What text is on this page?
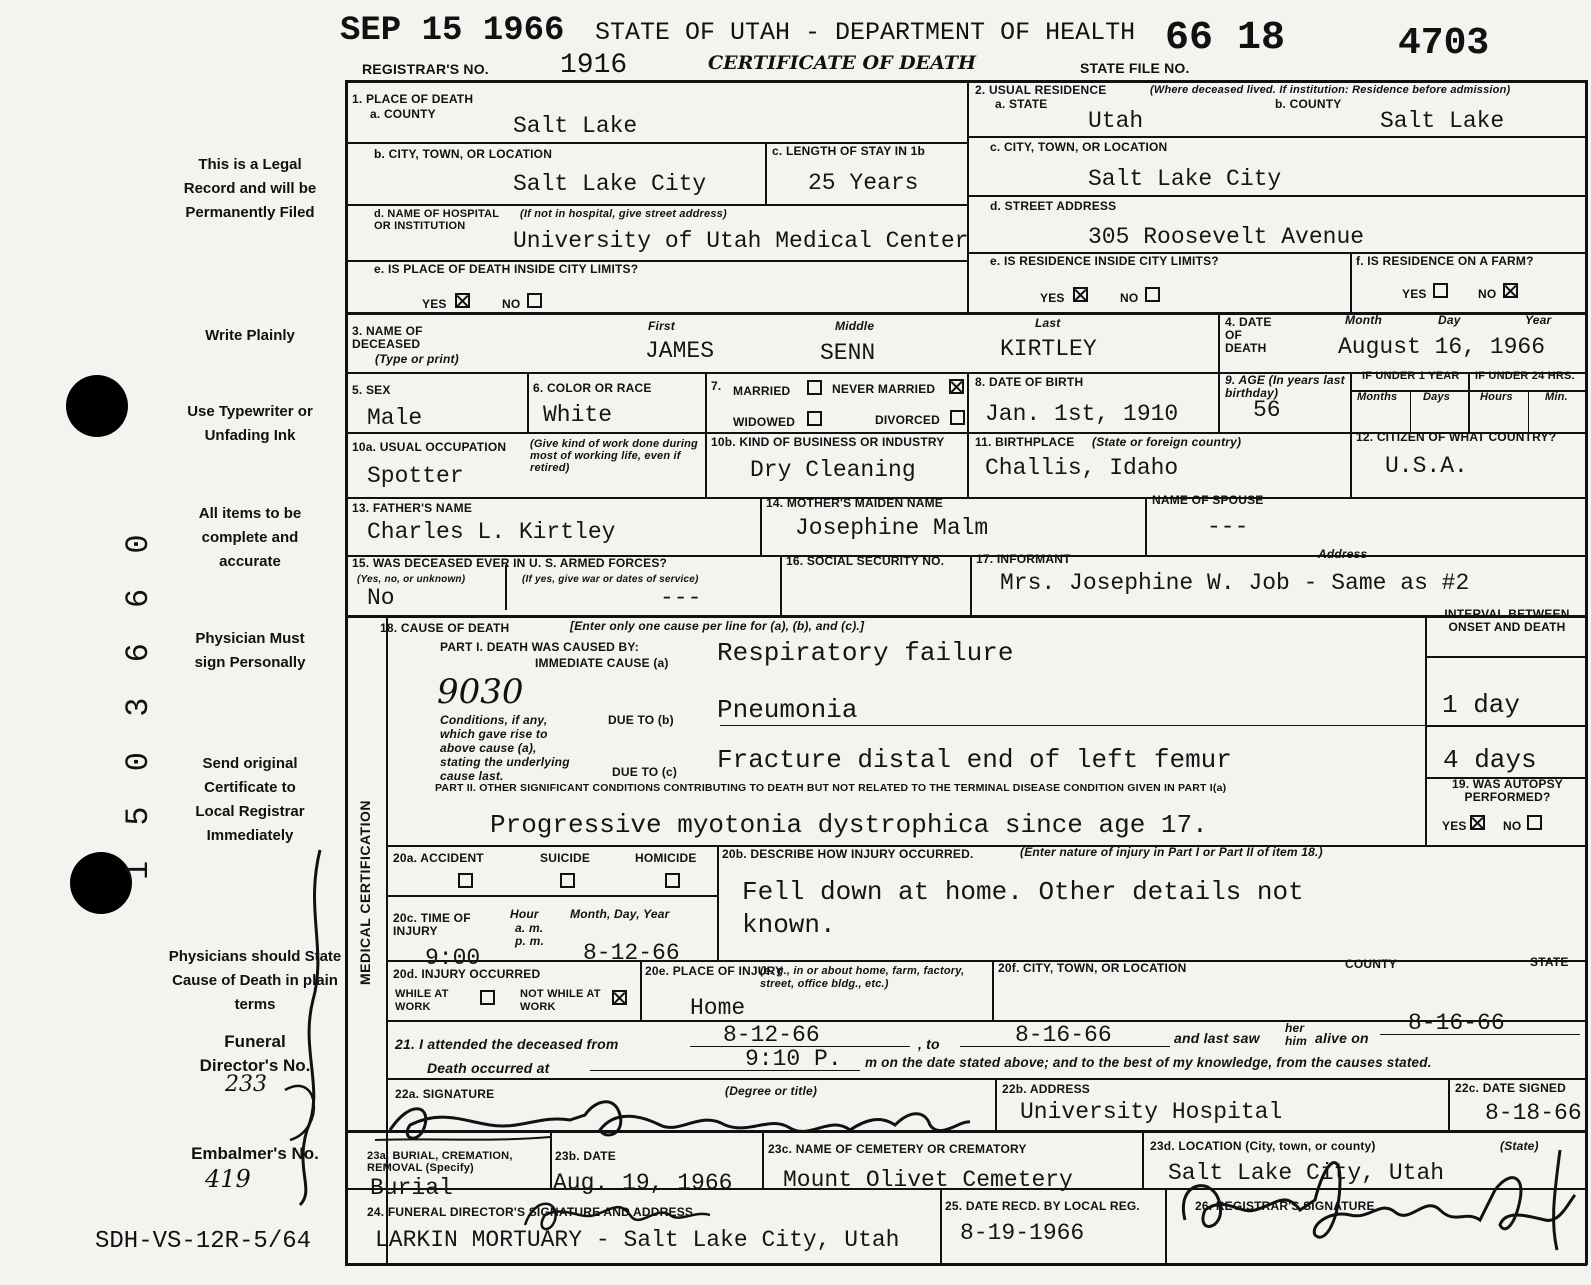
This is a Legal Record and will be Permanently Filed
Write Plainly
Use Typewriter or Unfading Ink
All items to be complete and accurate
Physician Must sign Personally
Send original Certificate to Local Registrar Immediately
Physicians should State Cause of Death in plain terms
Funeral Director's No.
233
Embalmer's No.
419
SDH-VS-12R-5/64
1 5 0 3 6 6 0
SEP 15 1966 STATE OF UTAH - DEPARTMENT OF HEALTH
REGISTRAR'S NO.	1916	CERTIFICATE OF DEATH	STATE FILE NO.
66 18	4703
1. PLACE OF DEATH
a. COUNTY	Salt Lake
2. USUAL RESIDENCE	(Where deceased lived. If institution: Residence before admission)
a. STATE	b. COUNTY
Utah	Salt Lake
b. CITY, TOWN, OR LOCATION
Salt Lake City
c. LENGTH OF STAY IN 1b
25 Years
c. CITY, TOWN, OR LOCATION
Salt Lake City
d. NAME OF HOSPITAL OR INSTITUTION
(If not in hospital, give street address)
University of Utah Medical Center
d. STREET ADDRESS
305 Roosevelt Avenue
e. IS PLACE OF DEATH INSIDE CITY LIMITS?
YES	NO
e. IS RESIDENCE INSIDE CITY LIMITS?
YES	NO
f. IS RESIDENCE ON A FARM?
YES	NO
3. NAME OF DECEASED
(Type or print)
First	Middle	Last
JAMES	SENN	KIRTLEY
4. DATE OF DEATH
Month	Day	Year
August 16, 1966
5. SEX
Male
6. COLOR OR RACE
White
7. MARRIED	NEVER MARRIED
WIDOWED	DIVORCED
8. DATE OF BIRTH
Jan. 1st, 1910
9. AGE (In years last birthday)
56
IF UNDER 1 YEAR IF UNDER 24 HRS.
Months Days	Hours	Min.
10a. USUAL OCCUPATION (Give kind of work done during most of working life, even if retired)
Spotter
10b. KIND OF BUSINESS OR INDUSTRY
Dry Cleaning
11. BIRTHPLACE (State or foreign country)
Challis, Idaho
12. CITIZEN OF WHAT COUNTRY?
U.S.A.
13. FATHER'S NAME
Charles L. Kirtley
14. MOTHER'S MAIDEN NAME
Josephine Malm
NAME OF SPOUSE
---
15. WAS DECEASED EVER IN U. S. ARMED FORCES?
(Yes, no, or unknown)	(If yes, give war or dates of service)
No	---
16. SOCIAL SECURITY NO.	17. INFORMANT	Address
Mrs. Josephine W. Job - Same as #2
MEDICAL CERTIFICATION
18. CAUSE OF DEATH	[Enter only one cause per line for (a), (b), and (c).]
INTERVAL BETWEEN ONSET AND DEATH
PART I. DEATH WAS CAUSED BY:
IMMEDIATE CAUSE (a) Respiratory failure
9030
Conditions, if any, which gave rise to above cause (a), stating the underlying cause last.
DUE TO (b) Pneumonia	1 day
DUE TO (c) Fracture distal end of left femur	4 days
PART II. OTHER SIGNIFICANT CONDITIONS CONTRIBUTING TO DEATH BUT NOT RELATED TO THE TERMINAL DISEASE CONDITION GIVEN IN PART I(a)
Progressive myotonia dystrophica since age 17.
19. WAS AUTOPSY PERFORMED?
YES	NO
20a. ACCIDENT	SUICIDE	HOMICIDE 20b. DESCRIBE HOW INJURY OCCURRED.	(Enter nature of injury in Part I or Part II of item 18.)
Fell down at home. Other details not
known.
20c. TIME OF INJURY
Hour
a. m. p. m.
Month, Day, Year
9:00	8-12-66
20d. INJURY OCCURRED
WHILE AT WORK
NOT WHILE AT WORK
20e. PLACE OF INJURY
(e. g., in or about home, farm, factory, street, office bldg., etc.)
Home
20f. CITY, TOWN, OR LOCATION	COUNTY	STATE
21. I attended the deceased from	8-12-66	, to	8-16-66	and last saw
her him alive on
8-16-66
Death occurred at	9:10 P. m on the date stated above; and to the best of my knowledge, from the causes stated.
22a. SIGNATURE	(Degree or title)	22b. ADDRESS
University Hospital
22c. DATE SIGNED
8-18-66
23a. BURIAL, CREMATION, REMOVAL (Specify)
Burial
23b. DATE
Aug. 19, 1966
23c. NAME OF CEMETERY OR CREMATORY
Mount Olivet Cemetery
23d. LOCATION (City, town, or county)	(State)
Salt Lake City, Utah
24. FUNERAL DIRECTOR'S SIGNATURE AND ADDRESS
LARKIN MORTUARY - Salt Lake City, Utah
25. DATE RECD. BY LOCAL REG.
8-19-1966
26. REGISTRAR'S SIGNATURE
